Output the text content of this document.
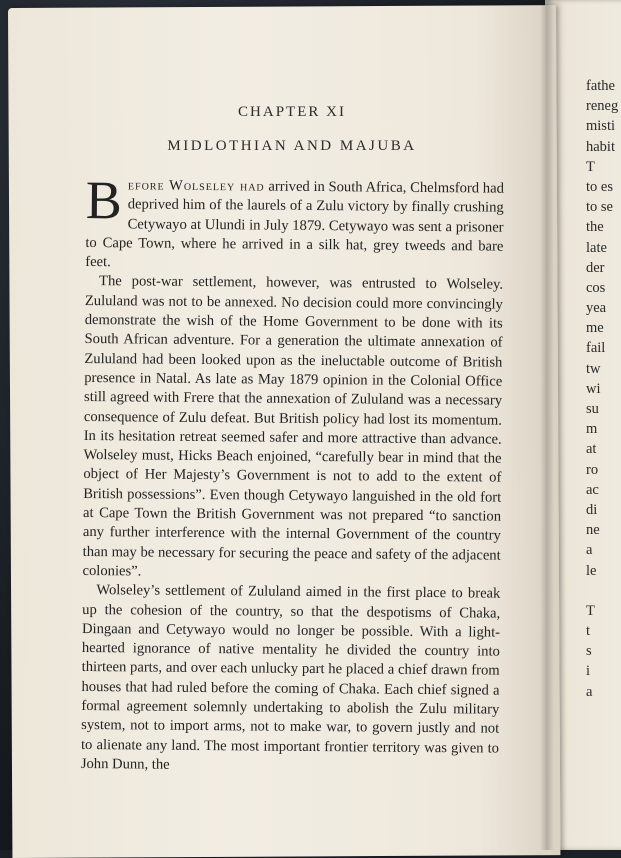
CHAPTER XI
MIDLOTHIAN AND MAJUBA

Before Wolseley had arrived in South Africa, Chelmsford had deprived him of the laurels of a Zulu victory by finally crushing Cetywayo at Ulundi in July 1879. Cetywayo was sent a prisoner to Cape Town, where he arrived in a silk hat, grey tweeds and bare feet.

The post-war settlement, however, was entrusted to Wolseley. Zululand was not to be annexed. No decision could more convincingly demonstrate the wish of the Home Government to be done with its South African adventure. For a generation the ultimate annexation of Zululand had been looked upon as the ineluctable outcome of British presence in Natal. As late as May 1879 opinion in the Colonial Office still agreed with Frere that the annexation of Zululand was a necessary consequence of Zulu defeat. But British policy had lost its momentum. In its hesitation retreat seemed safer and more attractive than advance. Wolseley must, Hicks Beach enjoined, “carefully bear in mind that the object of Her Majesty’s Government is not to add to the extent of British possessions”. Even though Cetywayo languished in the old fort at Cape Town the British Government was not prepared “to sanction any further interference with the internal Government of the country than may be necessary for securing the peace and safety of the adjacent colonies”.

Wolseley’s settlement of Zululand aimed in the first place to break up the cohesion of the country, so that the despotisms of Chaka, Dingaan and Cetywayo would no longer be possible. With a light-hearted ignorance of native mentality he divided the country into thirteen parts, and over each unlucky part he placed a chief drawn from houses that had ruled before the coming of Chaka. Each chief signed a formal agreement solemnly undertaking to abolish the Zulu military system, not to import arms, not to make war, to govern justly and not to alienate any land. The most important frontier territory was given to John Dunn, the

fathe
reneg
misti
habit
T
to es
to se
the
late
der
cos
yea
me
fail
tw
wi
su
m
at
ro
ac
di
ne
a
le
T
t
s
i
a
